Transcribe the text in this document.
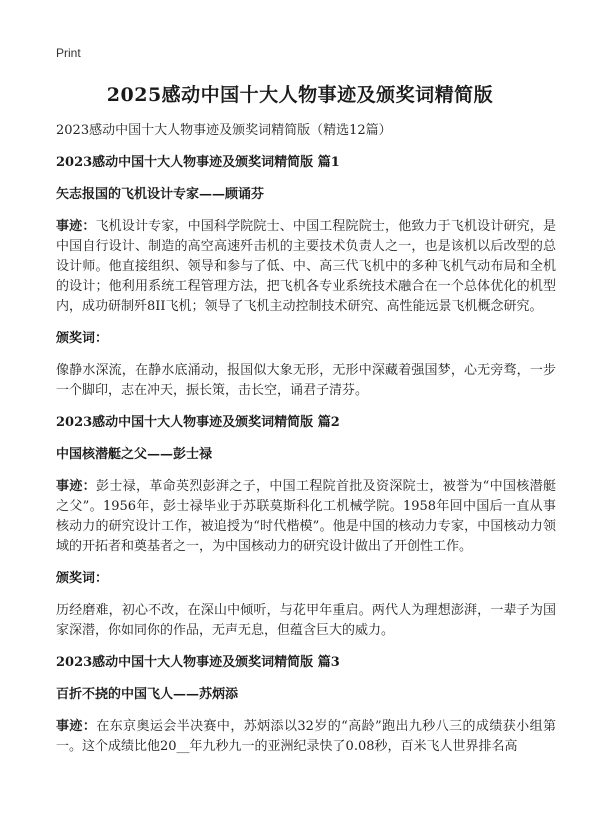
Print
2025感动中国十大人物事迹及颁奖词精简版
2023感动中国十大人物事迹及颁奖词精简版（精选12篇）
2023感动中国十大人物事迹及颁奖词精简版 篇1
矢志报国的飞机设计专家——顾诵芬
事迹：飞机设计专家，中国科学院院士、中国工程院院士，他致力于飞机设计研究，是中国自行设计、制造的高空高速歼击机的主要技术负责人之一，也是该机以后改型的总设计师。他直接组织、领导和参与了低、中、高三代飞机中的多种飞机气动布局和全机的设计；他利用系统工程管理方法，把飞机各专业系统技术融合在一个总体优化的机型内，成功研制歼8II飞机；领导了飞机主动控制技术研究、高性能远景飞机概念研究。
颁奖词：
像静水深流，在静水底涌动，报国似大象无形，无形中深藏着强国梦，心无旁骛，一步一个脚印，志在冲天，振长策，击长空，诵君子清芬。
2023感动中国十大人物事迹及颁奖词精简版 篇2
中国核潜艇之父——彭士禄
事迹：彭士禄，革命英烈彭湃之子，中国工程院首批及资深院士，被誉为“中国核潜艇之父”。1956年，彭士禄毕业于苏联莫斯科化工机械学院。1958年回中国后一直从事核动力的研究设计工作，被追授为“时代楷模”。他是中国的核动力专家，中国核动力领域的开拓者和奠基者之一，为中国核动力的研究设计做出了开创性工作。
颁奖词：
历经磨难，初心不改，在深山中倾听，与花甲年重启。两代人为理想澎湃，一辈子为国家深潜，你如同你的作品，无声无息，但蕴含巨大的威力。
2023感动中国十大人物事迹及颁奖词精简版 篇3
百折不挠的中国飞人——苏炳添
事迹：在东京奥运会半决赛中，苏炳添以32岁的“高龄”跑出九秒八三的成绩获小组第一。这个成绩比他20__年九秒九一的亚洲纪录快了0.08秒，百米飞人世界排名高
